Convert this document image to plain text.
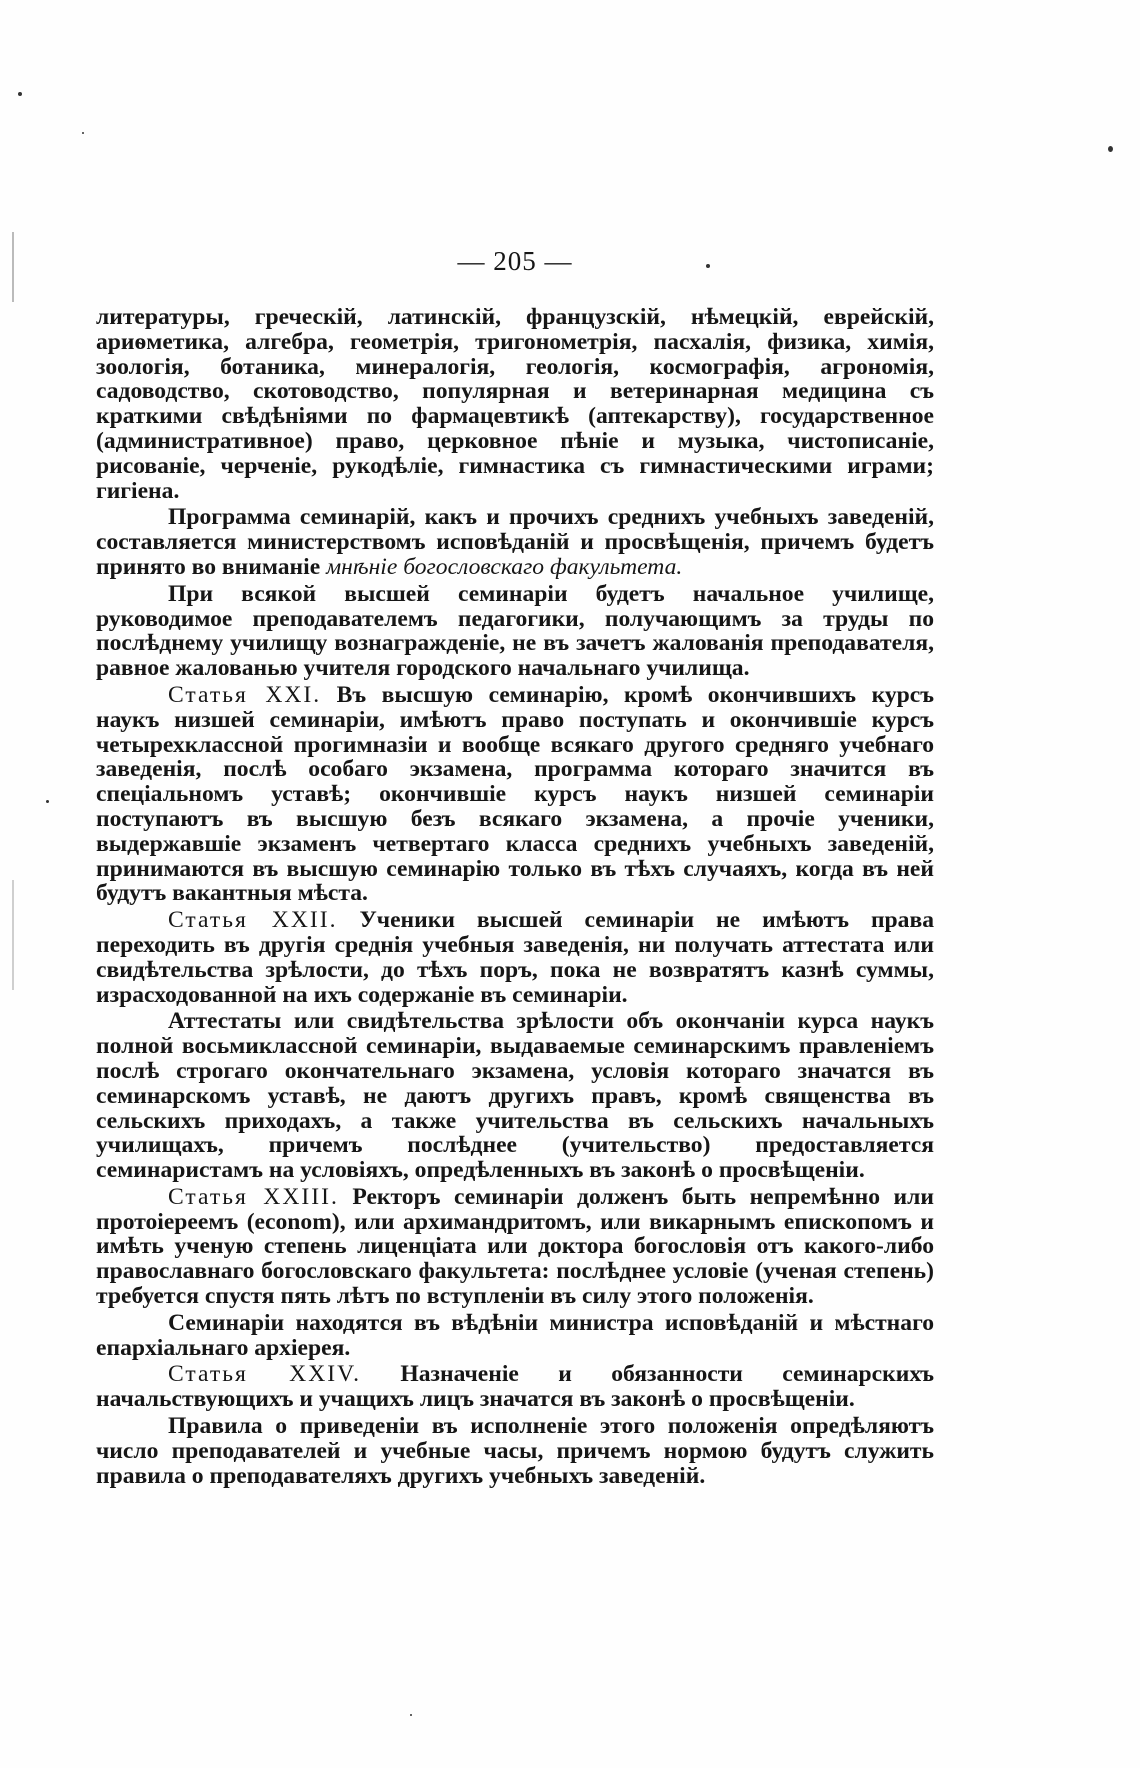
— 205 —

литературы, греческій, латинскій, французскій, нѣмецкій, еврейскій, ариѳметика, алгебра, геометрія, тригонометрія, пасхалія, физика, химія, зоологія, ботаника, минералогія, геологія, космографія, агрономія, садоводство, скотоводство, популярная и ветеринарная медицина съ краткими свѣдѣніями по фармацевтикѣ (аптекарству), государственное (административное) право, церковное пѣніе и музыка, чистописаніе, рисованіе, черченіе, рукодѣліе, гимнастика съ гимнастическими играми; гигіена.

Программа семинарій, какъ и прочихъ среднихъ учебныхъ заведеній, составляется министерствомъ исповѣданій и просвѣщенія, причемъ будетъ принято во вниманіе мнѣніе богословскаго факультета.

При всякой высшей семинаріи будетъ начальное училище, руководимое преподавателемъ педагогики, получающимъ за труды по послѣднему училищу вознагражденіе, не въ зачетъ жалованія преподавателя, равное жалованью учителя городского начальнаго училища.

Статья XXI. Въ высшую семинарію, кромѣ окончившихъ курсъ наукъ низшей семинаріи, имѣютъ право поступать и окончившіе курсъ четырехклассной прогимназіи и вообще всякаго другого средняго учебнаго заведенія, послѣ особаго экзамена, программа котораго значится въ спеціальномъ уставѣ; окончившіе курсъ наукъ низшей семинаріи поступаютъ въ высшую безъ всякаго экзамена, а прочіе ученики, выдержавшіе экзаменъ четвертаго класса среднихъ учебныхъ заведеній, принимаются въ высшую семинарію только въ тѣхъ случаяхъ, когда въ ней будутъ вакантныя мѣста.

Статья XXII. Ученики высшей семинаріи не имѣютъ права переходить въ другія среднія учебныя заведенія, ни получать аттестата или свидѣтельства зрѣлости, до тѣхъ поръ, пока не возвратятъ казнѣ суммы, израсходованной на ихъ содержаніе въ семинаріи.

Аттестаты или свидѣтельства зрѣлости объ окончаніи курса наукъ полной восьмиклассной семинаріи, выдаваемые семинарскимъ правленіемъ послѣ строгаго окончательнаго экзамена, условія котораго значатся въ семинарскомъ уставѣ, не даютъ другихъ правъ, кромѣ священства въ сельскихъ приходахъ, а также учительства въ сельскихъ начальныхъ училищахъ, причемъ послѣднее (учительство) предоставляется семинаристамъ на условіяхъ, опредѣленныхъ въ законѣ о просвѣщеніи.

Статья XXIII. Ректоръ семинаріи долженъ быть непремѣнно или протоіереемъ (econom), или архимандритомъ, или викарнымъ епископомъ и имѣть ученую степень лиценціата или доктора богословія отъ какого-либо православнаго богословскаго факультета: послѣднее условіе (ученая степень) требуется спустя пять лѣтъ по вступленіи въ силу этого положенія.

Семинаріи находятся въ вѣдѣніи министра исповѣданій и мѣстнаго епархіальнаго архіерея.

Статья XXIV. Назначеніе и обязанности семинарскихъ начальствующихъ и учащихъ лицъ значатся въ законѣ о просвѣщеніи.

Правила о приведеніи въ исполненіе этого положенія опредѣляютъ число преподавателей и учебные часы, причемъ нормою будутъ служить правила о преподавателяхъ другихъ учебныхъ заведеній.
